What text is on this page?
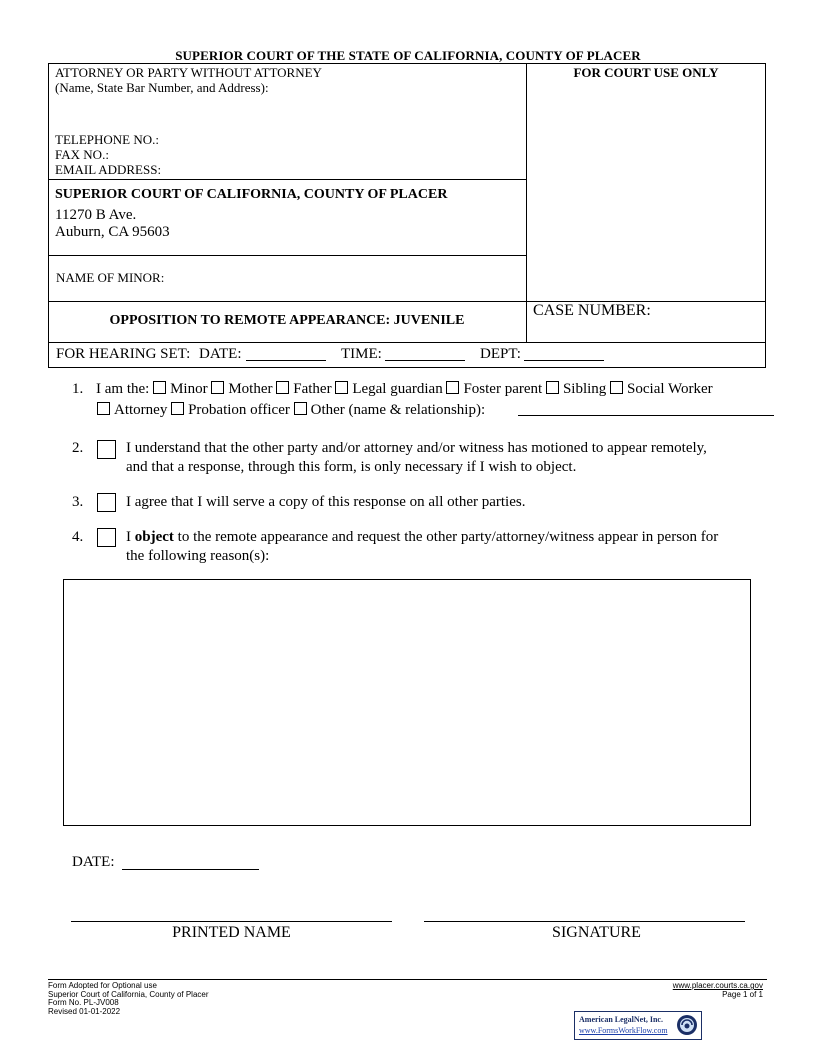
SUPERIOR COURT OF THE STATE OF CALIFORNIA, COUNTY OF PLACER
ATTORNEY OR PARTY WITHOUT ATTORNEY
(Name, State Bar Number, and Address):
TELEPHONE NO.:
FAX NO.:
EMAIL ADDRESS:
FOR COURT USE ONLY
SUPERIOR COURT OF CALIFORNIA, COUNTY OF PLACER
11270 B Ave.
Auburn, CA 95603
NAME OF MINOR:
OPPOSITION TO REMOTE APPEARANCE: JUVENILE
CASE NUMBER:
FOR HEARING SET: DATE:	TIME:	DEPT:
1. I am the: Minor Mother Father Legal guardian Foster parent Sibling Social Worker
Attorney Probation officer Other (name & relationship):
2.	I understand that the other party and/or attorney and/or witness has motioned to appear remotely,
and that a response, through this form, is only necessary if I wish to object.
3.	I agree that I will serve a copy of this response on all other parties.
4.	I object to the remote appearance and request the other party/attorney/witness appear in person for
the following reason(s):
DATE:
PRINTED NAME	SIGNATURE
Form Adopted for Optional use
Superior Court of California, County of Placer
Form No. PL-JV008
Revised 01-01-2022
www.placer.courts.ca.gov
Page 1 of 1
American LegalNet, Inc.
www.FormsWorkFlow.com
